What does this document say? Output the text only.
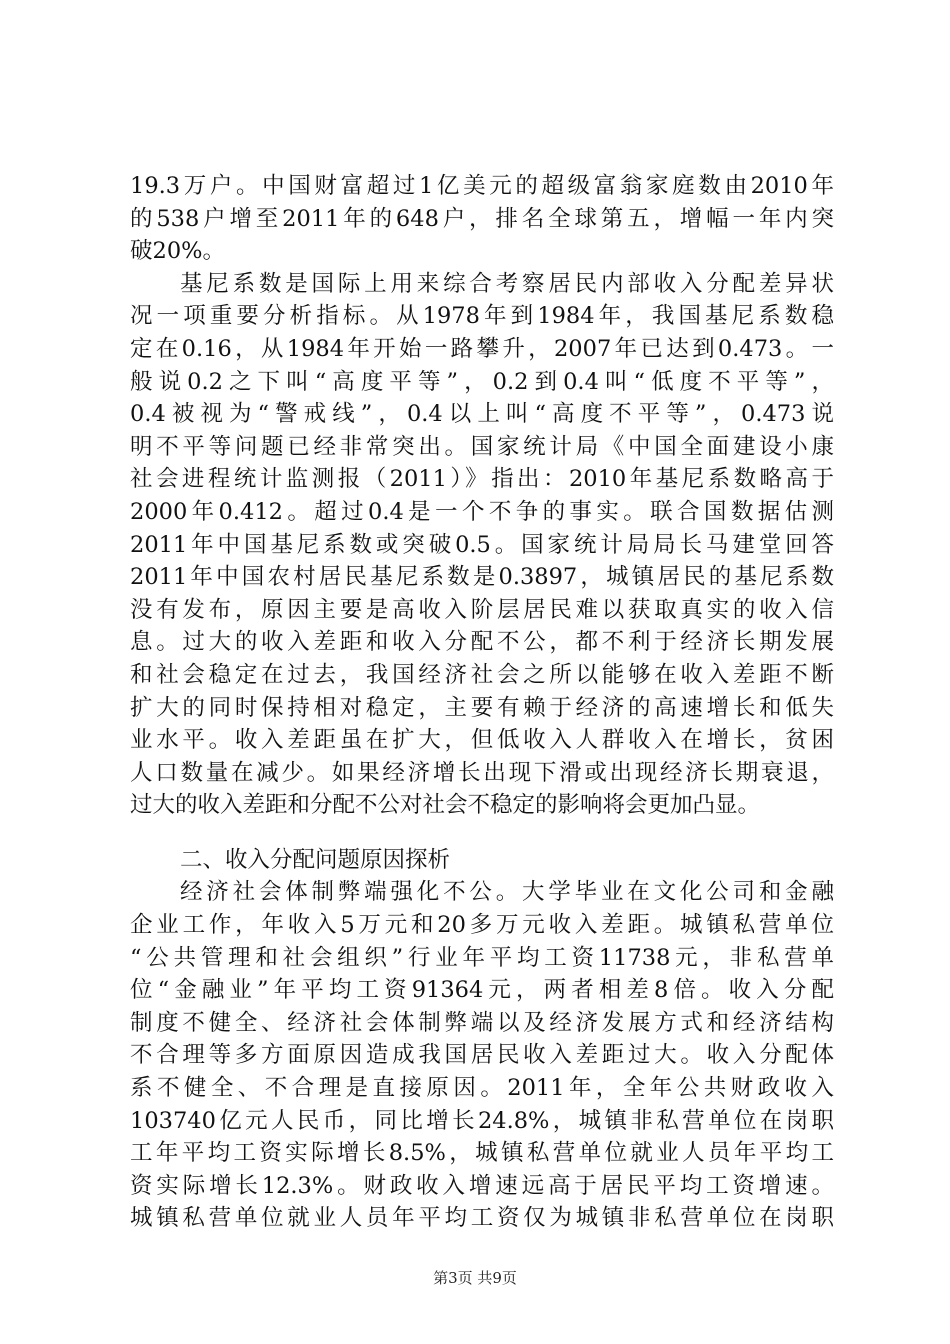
19.3万户。中国财富超过1亿美元的超级富翁家庭数由2010年
的538户增至2011年的648户，排名全球第五，增幅一年内突
破20%。
基尼系数是国际上用来综合考察居民内部收入分配差异状
况一项重要分析指标。从1978年到1984年，我国基尼系数稳
定在0.16，从1984年开始一路攀升，2007年已达到0.473。一
般说0.2之下叫“高度平等”，0.2到0.4叫“低度不平等”，
0.4被视为“警戒线”，0.4以上叫“高度不平等”，0.473说
明不平等问题已经非常突出。国家统计局《中国全面建设小康
社会进程统计监测报（2011）》指出：2010年基尼系数略高于
2000年0.412。超过0.4是一个不争的事实。联合国数据估测
2011年中国基尼系数或突破0.5。国家统计局局长马建堂回答
2011年中国农村居民基尼系数是0.3897，城镇居民的基尼系数
没有发布，原因主要是高收入阶层居民难以获取真实的收入信
息。过大的收入差距和收入分配不公，都不利于经济长期发展
和社会稳定在过去，我国经济社会之所以能够在收入差距不断
扩大的同时保持相对稳定，主要有赖于经济的高速增长和低失
业水平。收入差距虽在扩大，但低收入人群收入在增长，贫困
人口数量在减少。如果经济增长出现下滑或出现经济长期衰退，
过大的收入差距和分配不公对社会不稳定的影响将会更加凸显。
二、收入分配问题原因探析
经济社会体制弊端强化不公。大学毕业在文化公司和金融
企业工作，年收入5万元和20多万元收入差距。城镇私营单位
“公共管理和社会组织”行业年平均工资11738元，非私营单
位“金融业”年平均工资91364元，两者相差8倍。收入分配
制度不健全、经济社会体制弊端以及经济发展方式和经济结构
不合理等多方面原因造成我国居民收入差距过大。收入分配体
系不健全、不合理是直接原因。2011年，全年公共财政收入
103740亿元人民币，同比增长24.8%，城镇非私营单位在岗职
工年平均工资实际增长8.5%，城镇私营单位就业人员年平均工
资实际增长12.3%。财政收入增速远高于居民平均工资增速。
城镇私营单位就业人员年平均工资仅为城镇非私营单位在岗职
第3页 共9页
